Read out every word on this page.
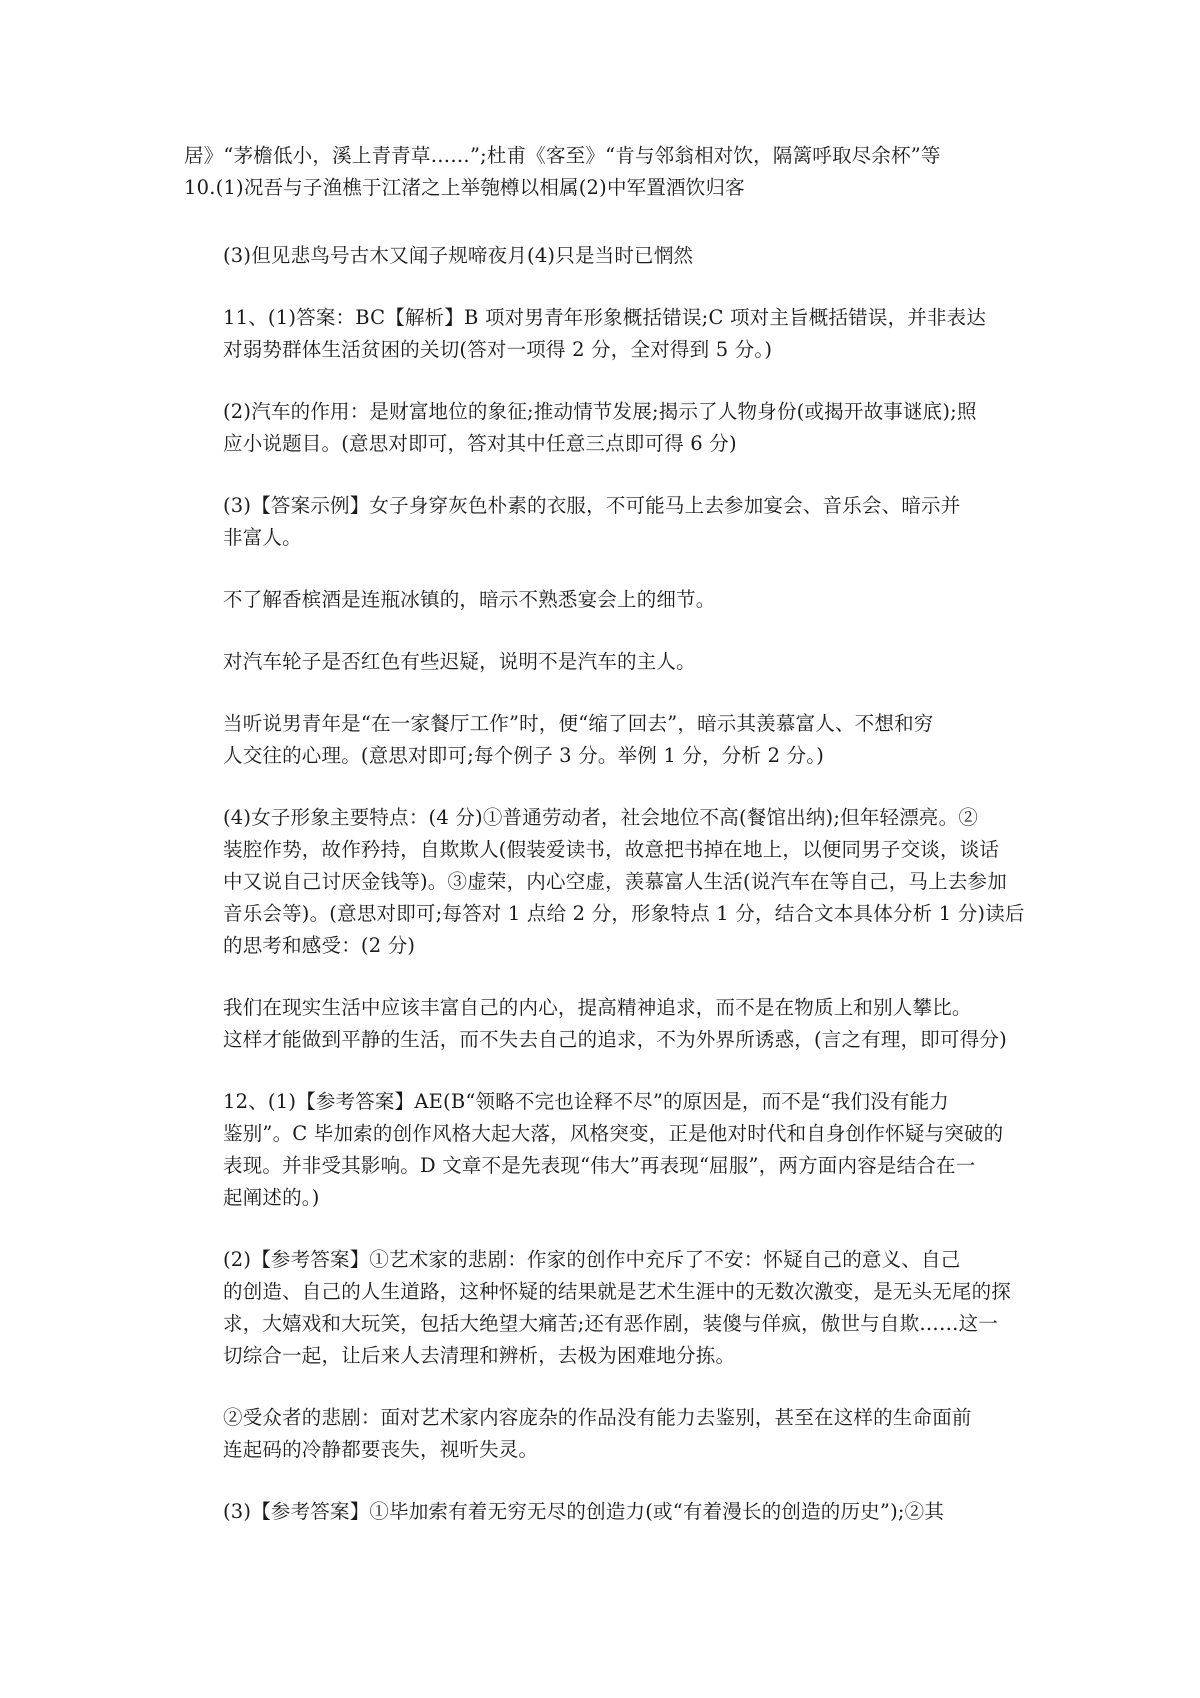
居》“茅檐低小，溪上青青草……”;杜甫《客至》“肯与邻翁相对饮，隔篱呼取尽余杯”等
10.(1)况吾与子渔樵于江渚之上举匏樽以相属(2)中军置酒饮归客

(3)但见悲鸟号古木又闻子规啼夜月(4)只是当时已惘然

11、(1)答案：BC【解析】B 项对男青年形象概括错误;C 项对主旨概括错误，并非表达
对弱势群体生活贫困的关切(答对一项得 2 分，全对得到 5 分。)

(2)汽车的作用：是财富地位的象征;推动情节发展;揭示了人物身份(或揭开故事谜底);照
应小说题目。(意思对即可，答对其中任意三点即可得 6 分)

(3)【答案示例】女子身穿灰色朴素的衣服，不可能马上去参加宴会、音乐会、暗示并
非富人。

不了解香槟酒是连瓶冰镇的，暗示不熟悉宴会上的细节。

对汽车轮子是否红色有些迟疑，说明不是汽车的主人。

当听说男青年是“在一家餐厅工作”时，便“缩了回去”，暗示其羡慕富人、不想和穷
人交往的心理。(意思对即可;每个例子 3 分。举例 1 分，分析 2 分。)

(4)女子形象主要特点：(4 分)①普通劳动者，社会地位不高(餐馆出纳);但年轻漂亮。②
装腔作势，故作矜持，自欺欺人(假装爱读书，故意把书掉在地上，以便同男子交谈，谈话
中又说自己讨厌金钱等)。③虚荣，内心空虚，羡慕富人生活(说汽车在等自己，马上去参加
音乐会等)。(意思对即可;每答对 1 点给 2 分，形象特点 1 分，结合文本具体分析 1 分)读后
的思考和感受：(2 分)

我们在现实生活中应该丰富自己的内心，提高精神追求，而不是在物质上和别人攀比。
这样才能做到平静的生活，而不失去自己的追求，不为外界所诱惑，(言之有理，即可得分)

12、(1)【参考答案】AE(B“领略不完也诠释不尽”的原因是，而不是“我们没有能力
鉴别”。C 毕加索的创作风格大起大落，风格突变，正是他对时代和自身创作怀疑与突破的
表现。并非受其影响。D 文章不是先表现“伟大”再表现“屈服”，两方面内容是结合在一
起阐述的。)

(2)【参考答案】①艺术家的悲剧：作家的创作中充斥了不安：怀疑自己的意义、自己
的创造、自己的人生道路，这种怀疑的结果就是艺术生涯中的无数次激变，是无头无尾的探
求，大嬉戏和大玩笑，包括大绝望大痛苦;还有恶作剧，装傻与佯疯，傲世与自欺……这一
切综合一起，让后来人去清理和辨析，去极为困难地分拣。

②受众者的悲剧：面对艺术家内容庞杂的作品没有能力去鉴别，甚至在这样的生命面前
连起码的冷静都要丧失，视听失灵。

(3)【参考答案】①毕加索有着无穷无尽的创造力(或“有着漫长的创造的历史”);②其
